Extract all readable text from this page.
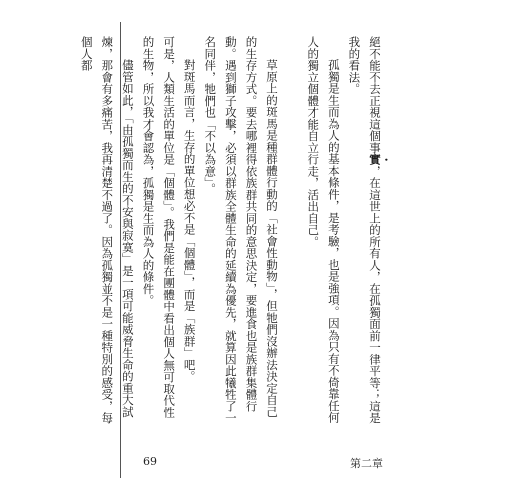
絕不能不去正視這個事實，在這世上的所有人，在孤獨面前一律平等；這是我的看法。

孤獨是生而為人的基本條件，是考驗，也是強項。因為只有不倚靠任何人的獨立個體才能自立行走，活出自己。

草原上的斑馬是種群體行動的「社會性動物」，但牠們沒辦法決定自己的生存方式。要去哪裡得依族群共同的意思決定，要進食也是族群集體行動。遇到獅子攻擊，必須以群族全體生命的延續為優先，就算因此犧牲了一名同伴，牠們也「不以為意」。

對斑馬而言，生存的單位想必不是「個體」，而是「族群」吧。

可是，人類生活的單位是「個體」。我們是能在團體中看出個人無可取代性的生物，所以我才會認為，孤獨是生而為人的條件。

儘管如此，「由孤獨而生的不安與寂寞」是一項可能威脅生命的重大試煉，那會有多痛苦，我再清楚不過了。因為孤獨並不是一種特別的感受，每個人都

69	第二章
